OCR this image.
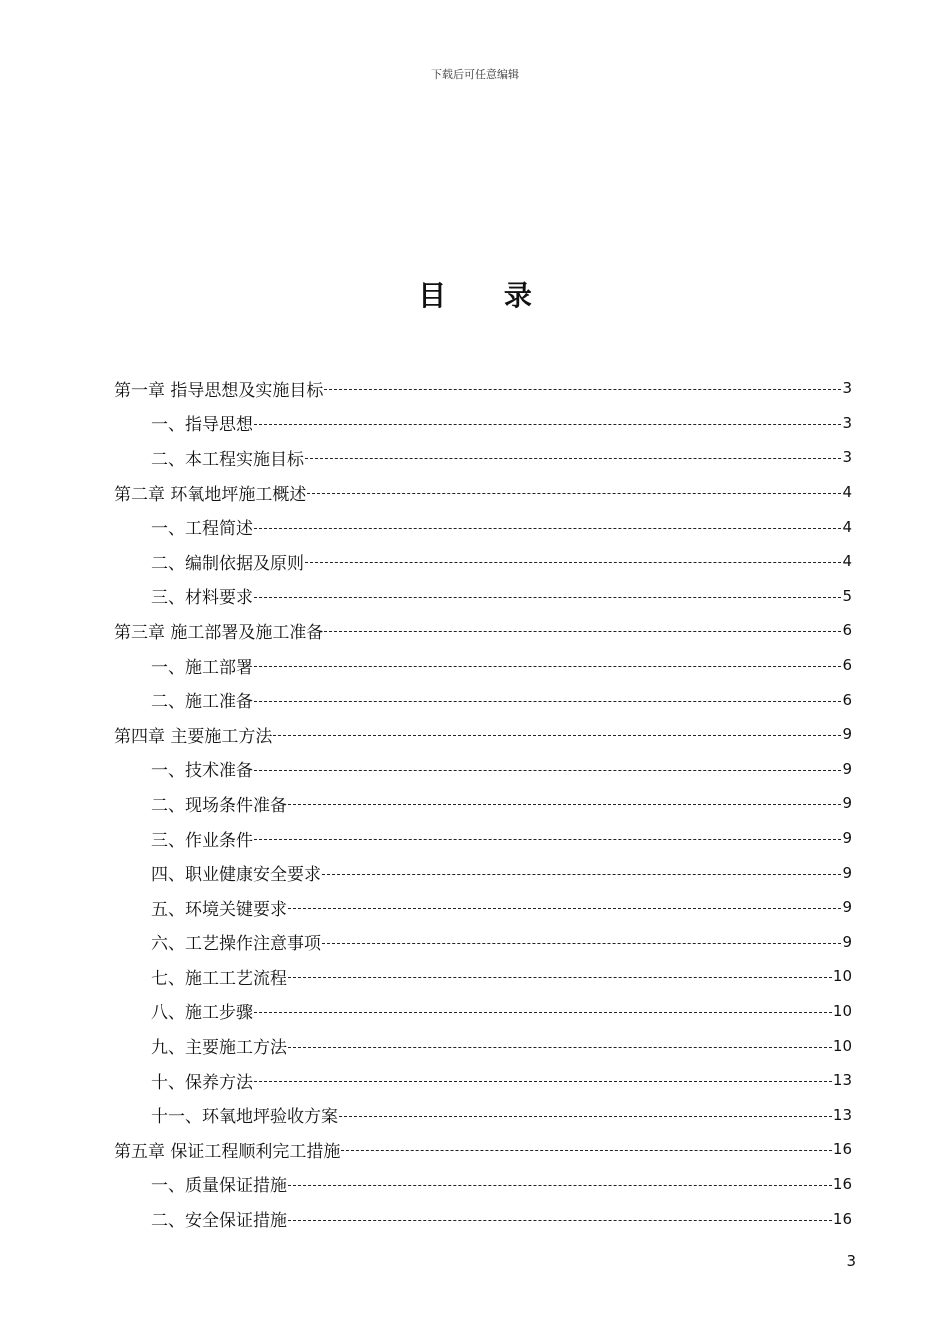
下载后可任意编辑
目 录
第一章 指导思想及实施目标	3
一、指导思想	3
二、本工程实施目标	3
第二章 环氧地坪施工概述	4
一、工程简述	4
二、编制依据及原则	4
三、材料要求	5
第三章 施工部署及施工准备	6
一、施工部署	6
二、施工准备	6
第四章 主要施工方法	9
一、技术准备	9
二、现场条件准备	9
三、作业条件	9
四、职业健康安全要求	9
五、环境关键要求	9
六、工艺操作注意事项	9
七、施工工艺流程	10
八、施工步骤	10
九、主要施工方法	10
十、保养方法	13
十一、环氧地坪验收方案	13
第五章 保证工程顺利完工措施	16
一、质量保证措施	16
二、安全保证措施	16
3
